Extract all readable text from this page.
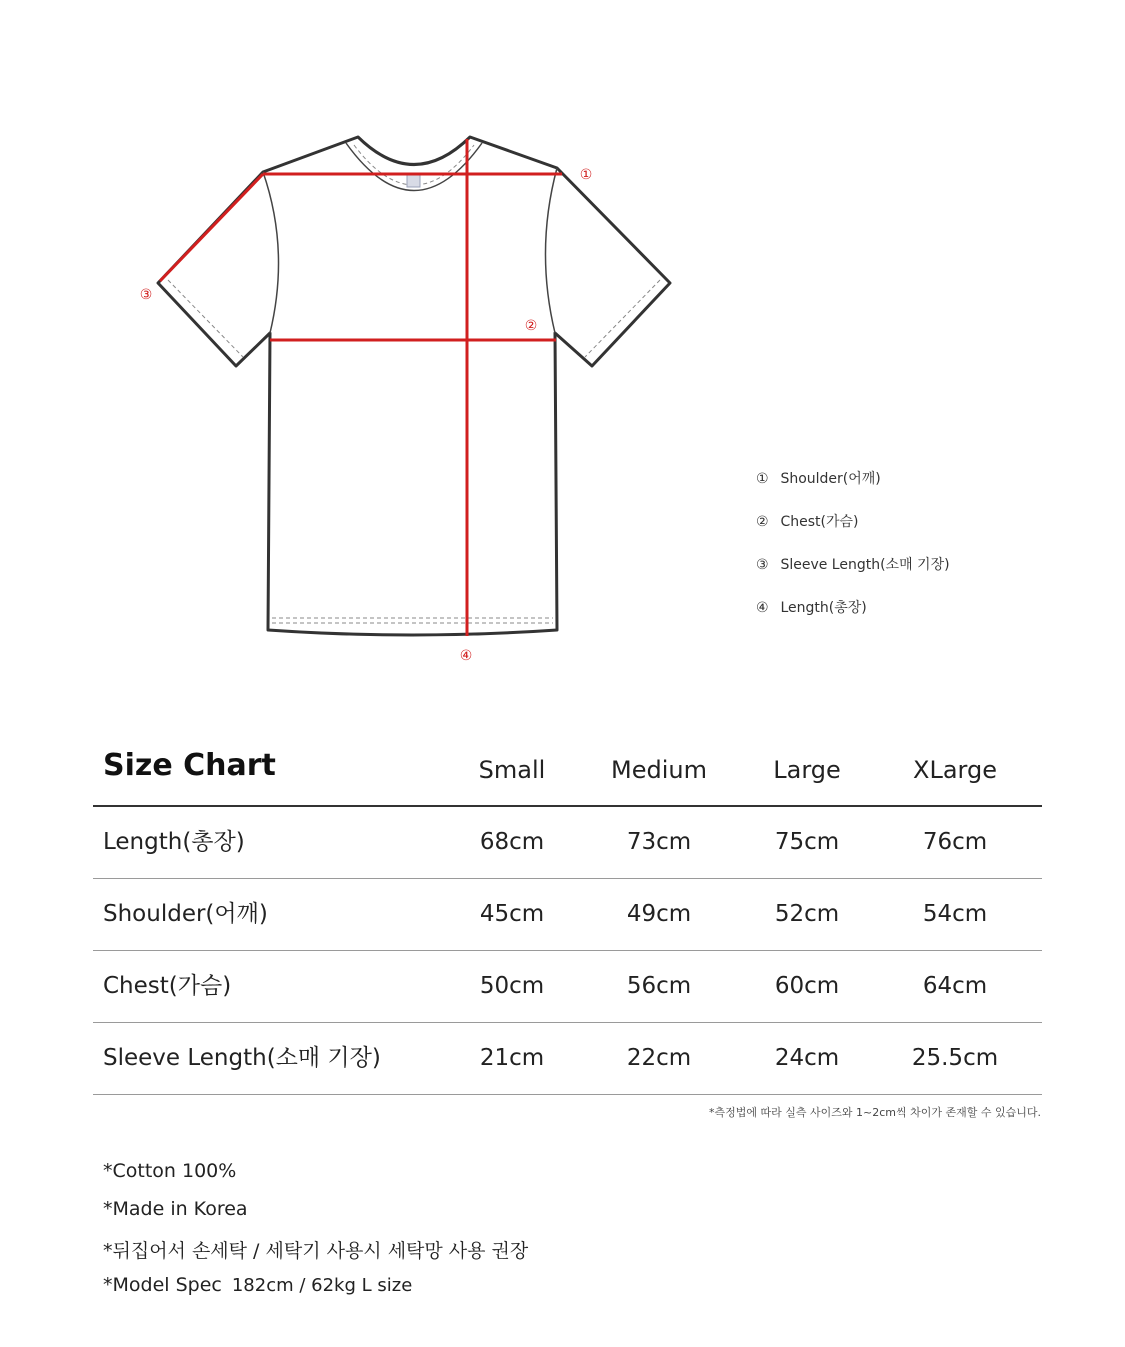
①
②
③
④
① Shoulder(어깨)
② Chest(가슴)
③ Sleeve Length(소매 기장)
④ Length(총장)
Size Chart	Small	Medium	Large	XLarge
Length(총장)	68cm	73cm	75cm	76cm
Shoulder(어깨)	45cm	49cm	52cm	54cm
Chest(가슴)	50cm	56cm	60cm	64cm
Sleeve Length(소매 기장)	21cm	22cm	24cm	25.5cm
*측정법에 따라 실측 사이즈와 1~2cm씩 차이가 존재할 수 있습니다.
*Cotton 100%
*Made in Korea
*뒤집어서 손세탁 / 세탁기 사용시 세탁망 사용 권장
*Model Spec 182cm / 62kg L size
